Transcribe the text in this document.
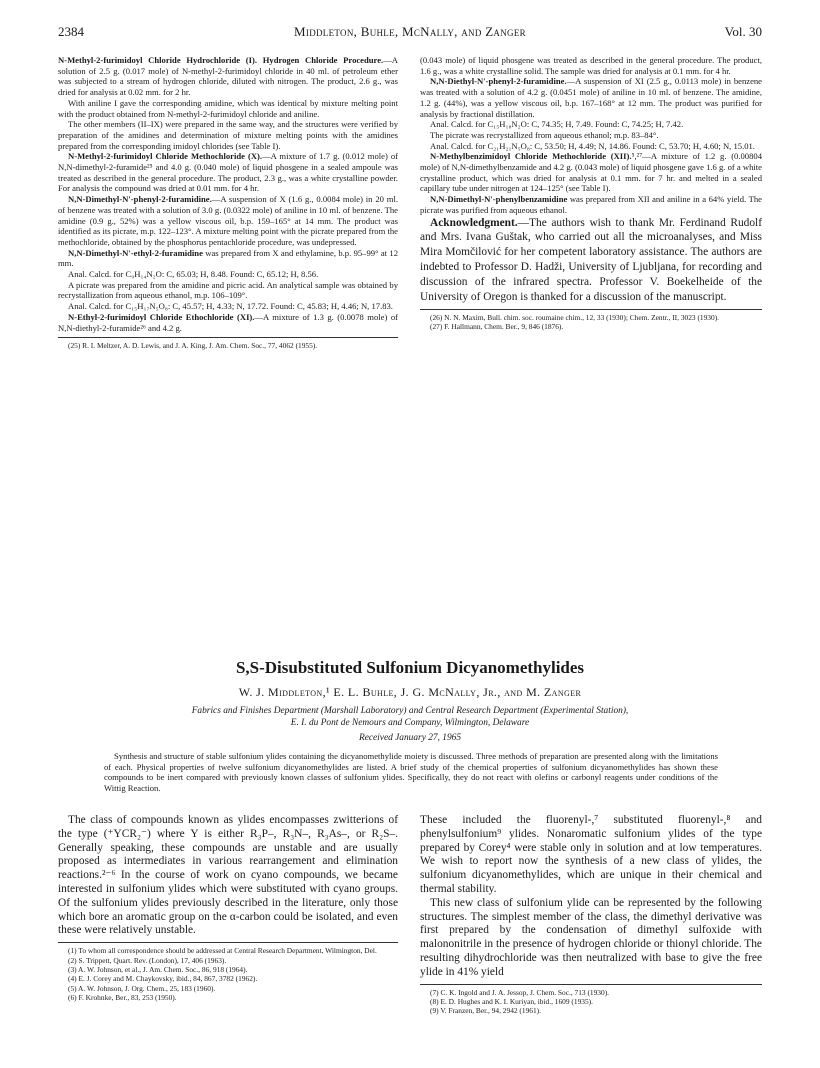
2384	Middleton, Buhle, McNally, and Zanger	Vol. 30

N-Methyl-2-furimidoyl Chloride Hydrochloride (I). Hydrogen Chloride Procedure.—A solution of 2.5 g. (0.017 mole) of N-methyl-2-furimidoyl chloride in 40 ml. of petroleum ether was subjected to a stream of hydrogen chloride, diluted with nitrogen. The product, 2.6 g., was dried for analysis at 0.02 mm. for 2 hr.

With aniline I gave the corresponding amidine, which was identical by mixture melting point with the product obtained from N-methyl-2-furimidoyl chloride and aniline.

The other members (II–IX) were prepared in the same way, and the structures were verified by preparation of the amidines and determination of mixture melting points with the amidines prepared from the corresponding imidoyl chlorides (see Table I).

N-Methyl-2-furimidoyl Chloride Methochloride (X).—A mixture of 1.7 g. (0.012 mole) of N,N-dimethyl-2-furamide²⁵ and 4.0 g. (0.040 mole) of liquid phosgene in a sealed ampoule was treated as described in the general procedure. The product, 2.3 g., was a white crystalline powder. For analysis the compound was dried at 0.01 mm. for 4 hr.

N,N-Dimethyl-N′-phenyl-2-furamidine.—A suspension of X (1.6 g., 0.0084 mole) in 20 ml. of benzene was treated with a solution of 3.0 g. (0.0322 mole) of aniline in 10 ml. of benzene. The amidine (0.9 g., 52%) was a yellow viscous oil, b.p. 159–165° at 14 mm. The product was identified as its picrate, m.p. 122–123°. A mixture melting point with the picrate prepared from the methochloride, obtained by the phosphorus pentachloride procedure, was undepressed.

N,N-Dimethyl-N′-ethyl-2-furamidine was prepared from X and ethylamine, b.p. 95–99° at 12 mm.

Anal. Calcd. for C₉H₁₄N₂O: C, 65.03; H, 8.48. Found: C, 65.12; H, 8.56.

A picrate was prepared from the amidine and picric acid. An analytical sample was obtained by recrystallization from aqueous ethanol, m.p. 106–109°.

Anal. Calcd. for C₁₅H₁₇N₅O₈: C, 45.57; H, 4.33; N, 17.72. Found: C, 45.83; H, 4.46; N, 17.83.

N-Ethyl-2-furimidoyl Chloride Ethochloride (XI).—A mixture of 1.3 g. (0.0078 mole) of N,N-diethyl-2-furamide²⁶ and 4.2 g.

(25) R. I. Meltzer, A. D. Lewis, and J. A. King, J. Am. Chem. Soc., 77, 4062 (1955).

(0.043 mole) of liquid phosgene was treated as described in the general procedure. The product, 1.6 g., was a white crystalline solid. The sample was dried for analysis at 0.1 mm. for 4 hr.

N,N-Diethyl-N′-phenyl-2-furamidine.—A suspension of XI (2.5 g., 0.0113 mole) in benzene was treated with a solution of 4.2 g. (0.0451 mole) of aniline in 10 ml. of benzene. The amidine, 1.2 g. (44%), was a yellow viscous oil, b.p. 167–168° at 12 mm. The product was purified for analysis by fractional distillation.

Anal. Calcd. for C₁₅H₁₈N₂O: C, 74.35; H, 7.49. Found: C, 74.25; H, 7.42.

The picrate was recrystallized from aqueous ethanol; m.p. 83–84°.

Anal. Calcd. for C₂₁H₂₁N₅O₈: C, 53.50; H, 4.49; N, 14.86. Found: C, 53.70; H, 4.60; N, 15.01.

N-Methylbenzimidoyl Chloride Methochloride (XII).⁵,²⁷—A mixture of 1.2 g. (0.00804 mole) of N,N-dimethylbenzamide and 4.2 g. (0.043 mole) of liquid phosgene gave 1.6 g. of a white crystalline product, which was dried for analysis at 0.1 mm. for 7 hr. and melted in a sealed capillary tube under nitrogen at 124–125° (see Table I).

N,N-Dimethyl-N′-phenylbenzamidine was prepared from XII and aniline in a 64% yield. The picrate was purified from aqueous ethanol.

Acknowledgment.—The authors wish to thank Mr. Ferdinand Rudolf and Mrs. Ivana Guštak, who carried out all the microanalyses, and Miss Mira Momčilović for her competent laboratory assistance. The authors are indebted to Professor D. Hadži, University of Ljubljana, for recording and discussion of the infrared spectra. Professor V. Boekelheide of the University of Oregon is thanked for a discussion of the manuscript.

(26) N. N. Maxim, Bull. chim. soc. roumaine chim., 12, 33 (1930); Chem. Zentr., II, 3023 (1930).

(27) F. Hallmann, Chem. Ber., 9, 846 (1876).

S,S-Disubstituted Sulfonium Dicyanomethylides
W. J. Middleton,¹ E. L. Buhle, J. G. McNally, Jr., and M. Zanger
Fabrics and Finishes Department (Marshall Laboratory) and Central Research Department (Experimental Station),
E. I. du Pont de Nemours and Company, Wilmington, Delaware
Received January 27, 1965
Synthesis and structure of stable sulfonium ylides containing the dicyanomethylide moiety is discussed. Three methods of preparation are presented along with the limitations of each. Physical properties of twelve sulfonium dicyanomethylides are listed. A brief study of the chemical properties of sulfonium dicyanomethylides has shown these compounds to be inert compared with previously known classes of sulfonium ylides. Specifically, they do not react with olefins or carbonyl reagents under conditions of the Wittig Reaction.

The class of compounds known as ylides encompasses zwitterions of the type (⁺YCR₂⁻) where Y is either R₃P–, R₃N–, R₃As–, or R₂S–. Generally speaking, these compounds are unstable and are usually proposed as intermediates in various rearrangement and elimination reactions.²⁻⁶ In the course of work on cyano compounds, we became interested in sulfonium ylides which were substituted with cyano groups. Of the sulfonium ylides previously described in the literature, only those which bore an aromatic group on the α-carbon could be isolated, and even these were relatively unstable.

(1) To whom all correspondence should be addressed at Central Research Department, Wilmington, Del.

(2) S. Trippett, Quart. Rev. (London), 17, 406 (1963).

(3) A. W. Johnson, et al., J. Am. Chem. Soc., 86, 918 (1964).

(4) E. J. Corey and M. Chaykovsky, ibid., 84, 867, 3782 (1962).

(5) A. W. Johnson, J. Org. Chem., 25, 183 (1960).

(6) F. Krohnke, Ber., 83, 253 (1950).

These included the fluorenyl-,⁷ substituted fluorenyl-,⁸ and phenylsulfonium⁹ ylides. Nonaromatic sulfonium ylides of the type prepared by Corey⁴ were stable only in solution and at low temperatures. We wish to report now the synthesis of a new class of ylides, the sulfonium dicyanomethylides, which are unique in their chemical and thermal stability.

This new class of sulfonium ylide can be represented by the following structures. The simplest member of the class, the dimethyl derivative was first prepared by the condensation of dimethyl sulfoxide with malononitrile in the presence of hydrogen chloride or thionyl chloride. The resulting dihydrochloride was then neutralized with base to give the free ylide in 41% yield

(7) C. K. Ingold and J. A. Jessop, J. Chem. Soc., 713 (1930).

(8) E. D. Hughes and K. I. Kuriyan, ibid., 1609 (1935).

(9) V. Franzen, Ber., 94, 2942 (1961).
